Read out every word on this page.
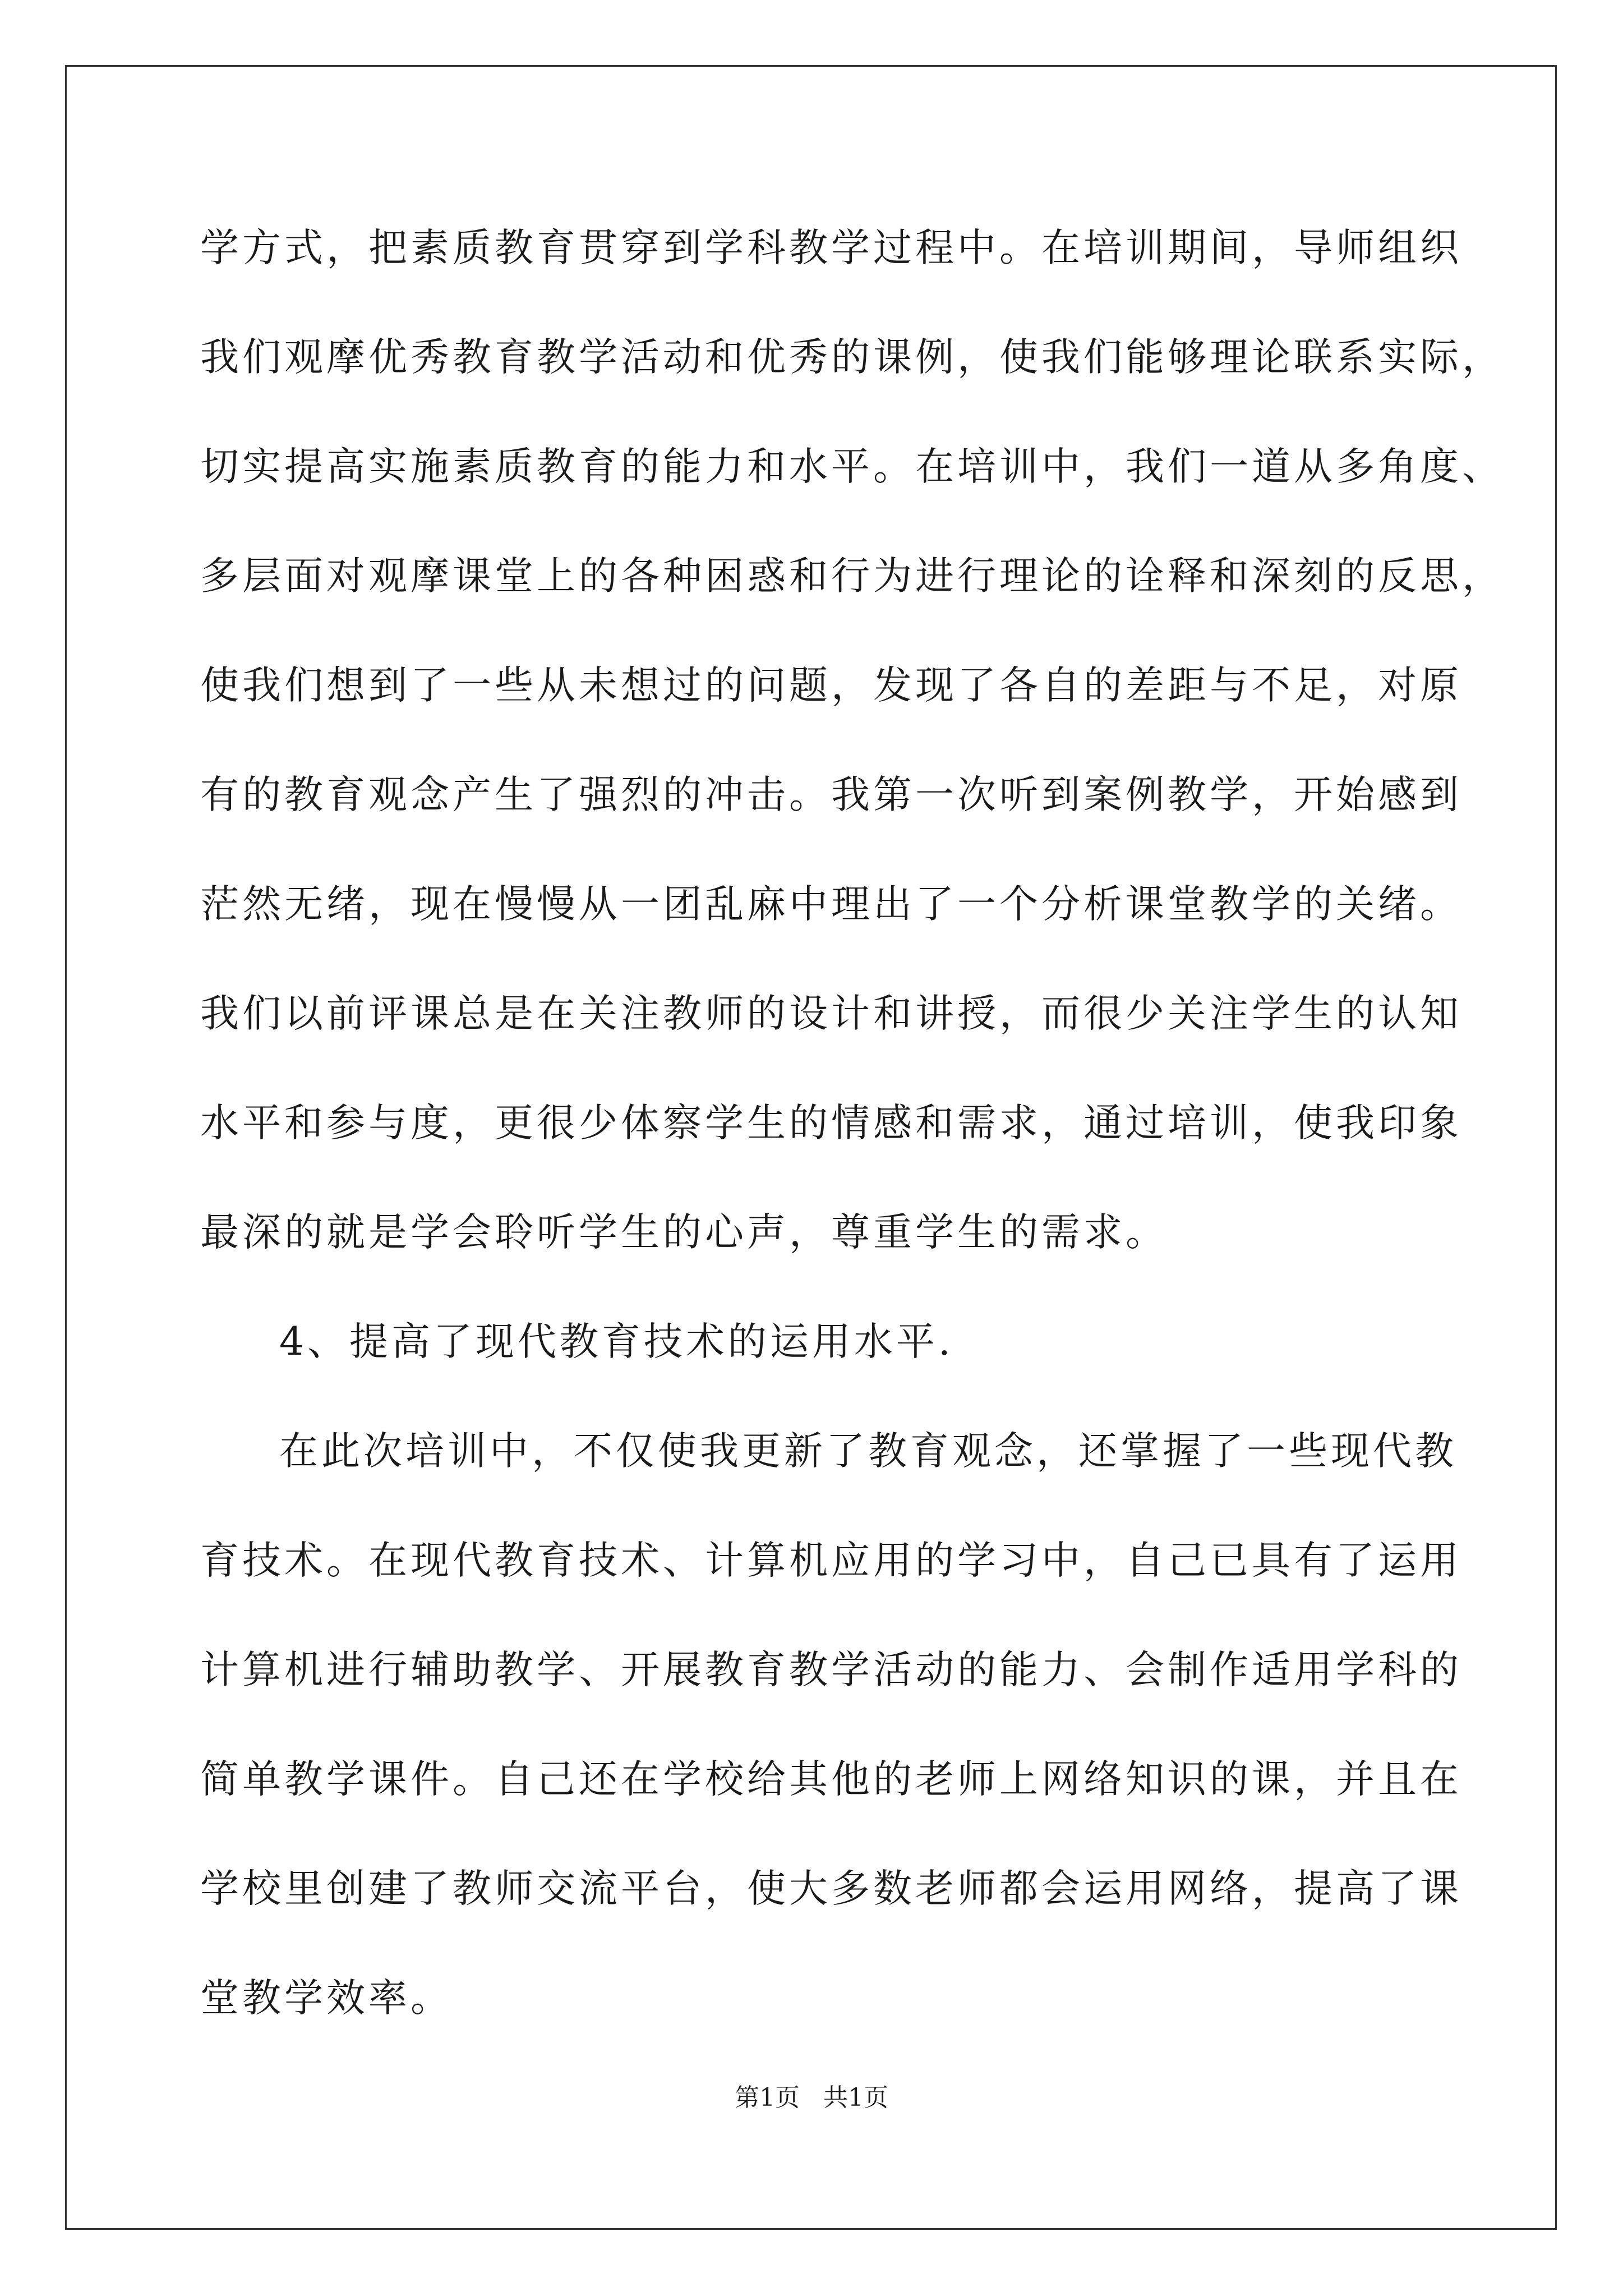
学方式，把素质教育贯穿到学科教学过程中。在培训期间，导师组织
我们观摩优秀教育教学活动和优秀的课例，使我们能够理论联系实际，
切实提高实施素质教育的能力和水平。在培训中，我们一道从多角度、
多层面对观摩课堂上的各种困惑和行为进行理论的诠释和深刻的反思，
使我们想到了一些从未想过的问题，发现了各自的差距与不足，对原
有的教育观念产生了强烈的冲击。我第一次听到案例教学，开始感到
茫然无绪，现在慢慢从一团乱麻中理出了一个分析课堂教学的关绪。
我们以前评课总是在关注教师的设计和讲授，而很少关注学生的认知
水平和参与度，更很少体察学生的情感和需求，通过培训，使我印象
最深的就是学会聆听学生的心声，尊重学生的需求。
4、提高了现代教育技术的运用水平.
在此次培训中，不仅使我更新了教育观念，还掌握了一些现代教
育技术。在现代教育技术、计算机应用的学习中，自己已具有了运用
计算机进行辅助教学、开展教育教学活动的能力、会制作适用学科的
简单教学课件。自己还在学校给其他的老师上网络知识的课，并且在
学校里创建了教师交流平台，使大多数老师都会运用网络，提高了课
堂教学效率。
第1页 共1页
